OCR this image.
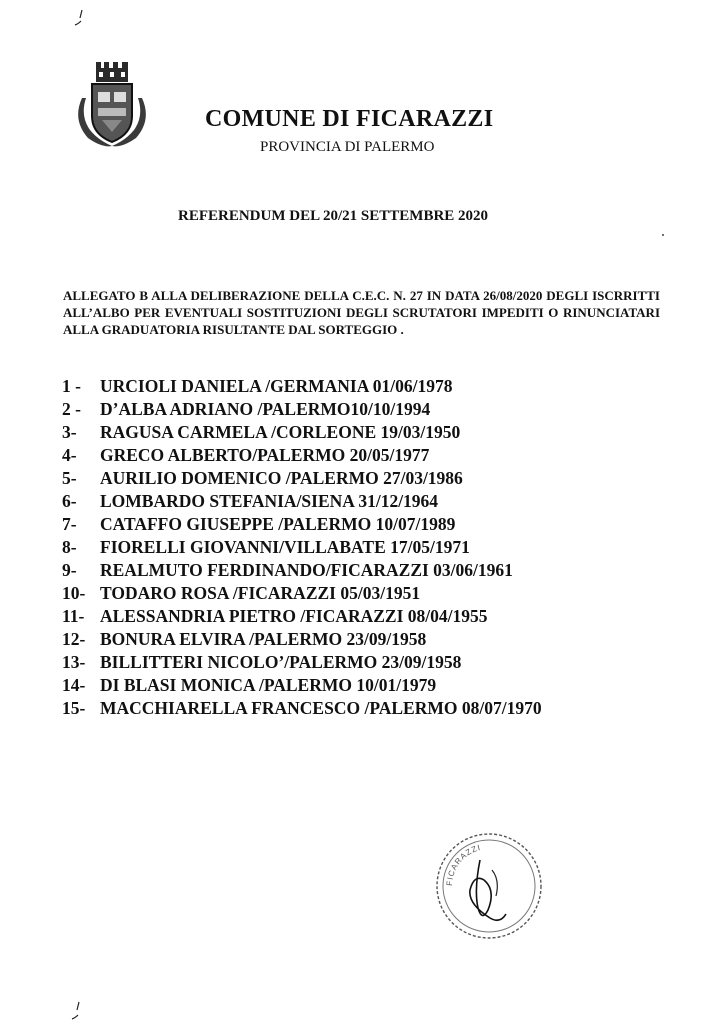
COMUNE DI FICARAZZI
PROVINCIA DI PALERMO
REFERENDUM DEL 20/21 SETTEMBRE 2020
ALLEGATO B ALLA DELIBERAZIONE DELLA C.E.C. N. 27 IN DATA 26/08/2020 DEGLI ISCRRITTI ALL’ALBO PER EVENTUALI SOSTITUZIONI DEGLI SCRUTATORI IMPEDITI O RINUNCIATARI ALLA GRADUATORIA RISULTANTE DAL SORTEGGIO .
1 -	URCIOLI DANIELA /GERMANIA 01/06/1978
2 -	D’ALBA ADRIANO /PALERMO10/10/1994
3-	RAGUSA CARMELA /CORLEONE 19/03/1950
4-	GRECO ALBERTO/PALERMO 20/05/1977
5-	AURILIO DOMENICO /PALERMO 27/03/1986
6-	LOMBARDO STEFANIA/SIENA 31/12/1964
7-	CATAFFO GIUSEPPE /PALERMO 10/07/1989
8-	FIORELLI GIOVANNI/VILLABATE 17/05/1971
9-	REALMUTO FERDINANDO/FICARAZZI 03/06/1961
10- TODARO ROSA /FICARAZZI 05/03/1951
11- ALESSANDRIA PIETRO /FICARAZZI 08/04/1955
12- BONURA ELVIRA /PALERMO 23/09/1958
13- BILLITTERI NICOLO’/PALERMO 23/09/1958
14- DI BLASI MONICA /PALERMO 10/01/1979
15- MACCHIARELLA FRANCESCO /PALERMO 08/07/1970
FICARAZZI
